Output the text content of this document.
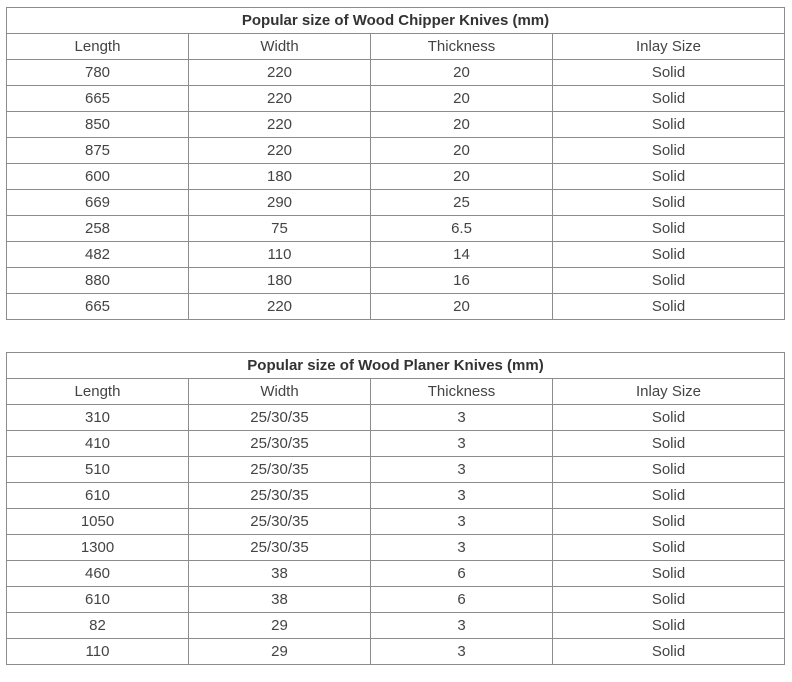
Popular size of Wood Chipper Knives (mm)			
Length	Width	Thickness	Inlay Size
780	220	20	Solid
665	220	20	Solid
850	220	20	Solid
875	220	20	Solid
600	180	20	Solid
669	290	25	Solid
258	75	6.5	Solid
482	110	14	Solid
880	180	16	Solid
665	220	20	Solid
Popular size of Wood Planer Knives (mm)			
Length	Width	Thickness	Inlay Size
310	25/30/35	3	Solid
410	25/30/35	3	Solid
510	25/30/35	3	Solid
610	25/30/35	3	Solid
1050	25/30/35	3	Solid
1300	25/30/35	3	Solid
460	38	6	Solid
610	38	6	Solid
82	29	3	Solid
110	29	3	Solid
